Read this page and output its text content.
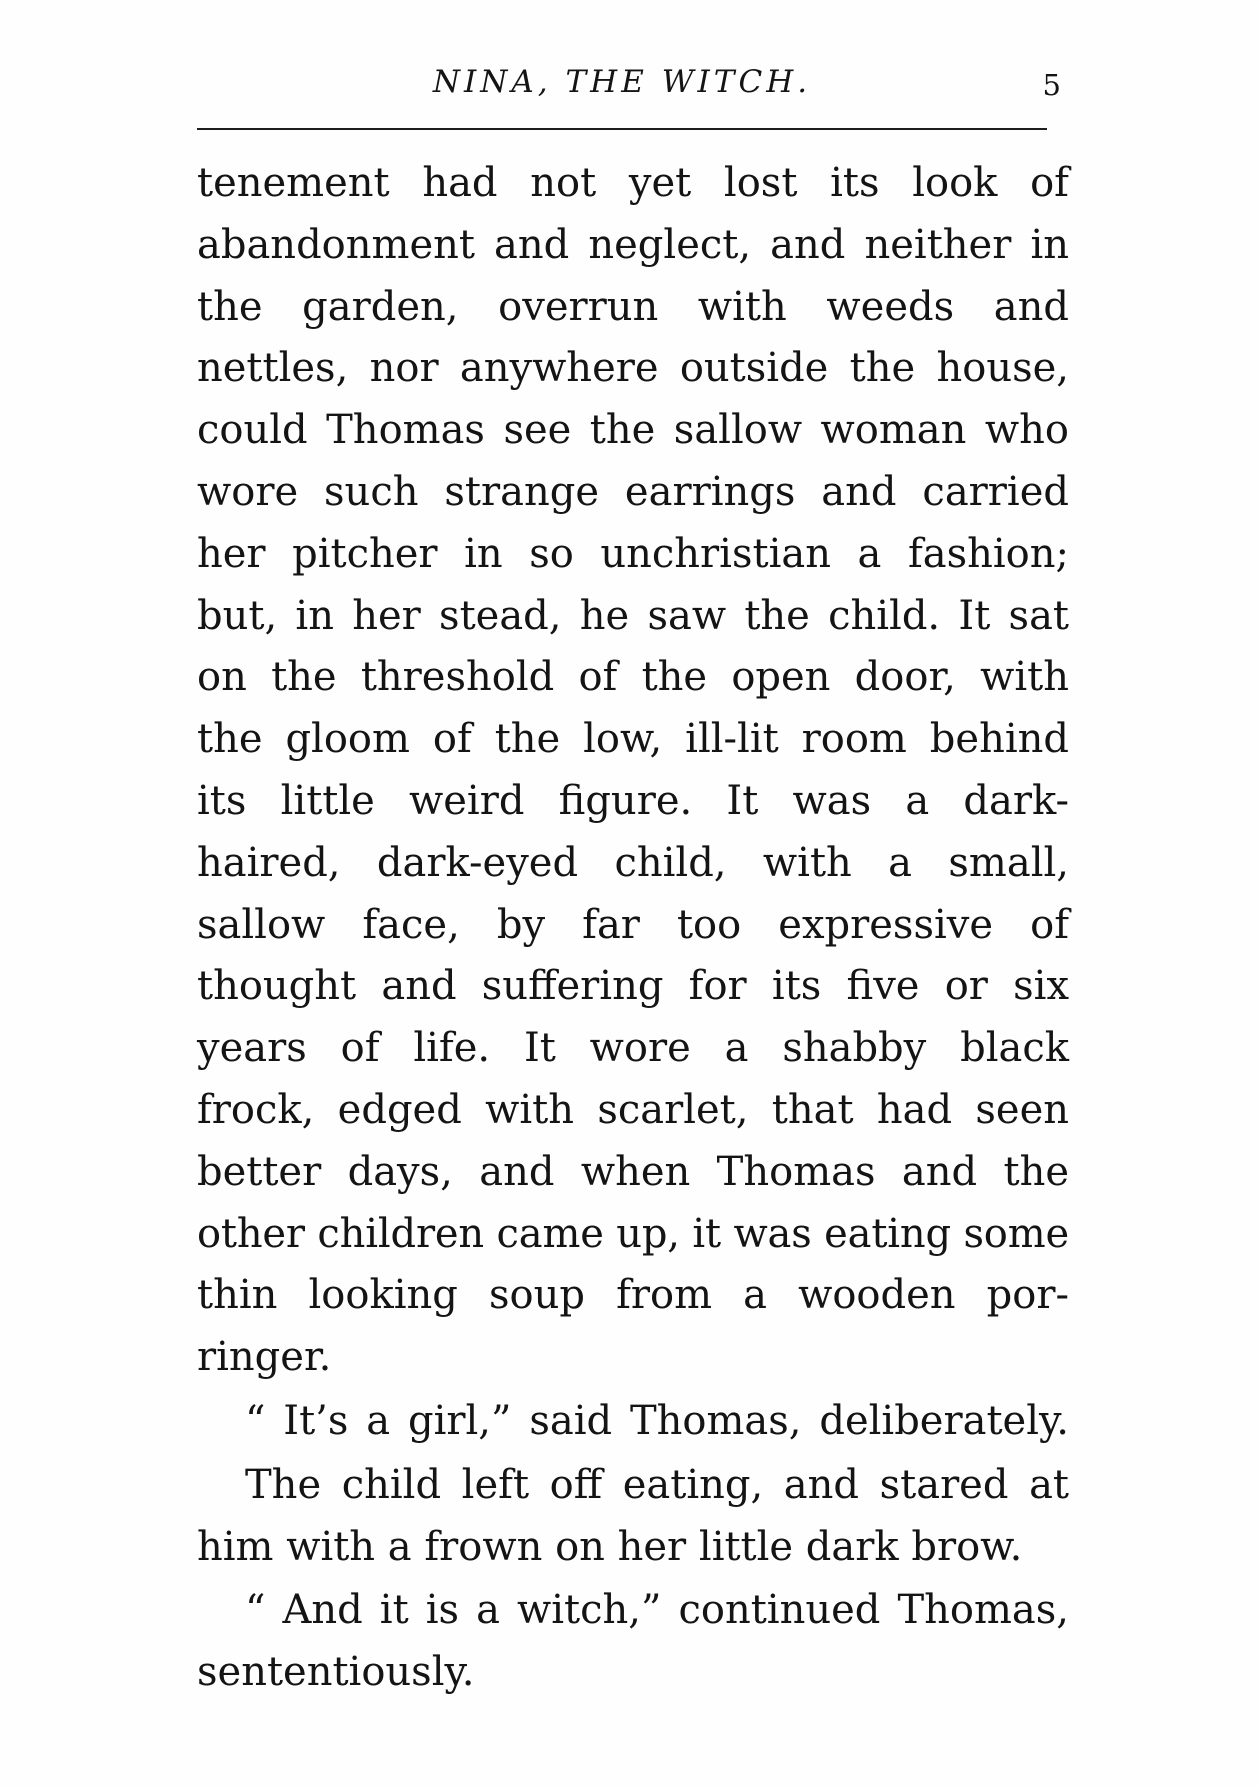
NINA, THE WITCH.	5
tenement had not yet lost its look of
abandonment and neglect, and neither in
the garden, overrun with weeds and
nettles, nor anywhere outside the house,
could Thomas see the sallow woman who
wore such strange earrings and carried
her pitcher in so unchristian a fashion;
but, in her stead, he saw the child. It sat
on the threshold of the open door, with
the gloom of the low, ill-lit room behind
its little weird figure. It was a dark-
haired, dark-eyed child, with a small,
sallow face, by far too expressive of
thought and suffering for its five or six
years of life. It wore a shabby black
frock, edged with scarlet, that had seen
better days, and when Thomas and the
other children came up, it was eating some
thin looking soup from a wooden por-
ringer.
“ It’s a girl,” said Thomas, deliberately.
The child left off eating, and stared at
him with a frown on her little dark brow.
“ And it is a witch,” continued Thomas,
sententiously.
